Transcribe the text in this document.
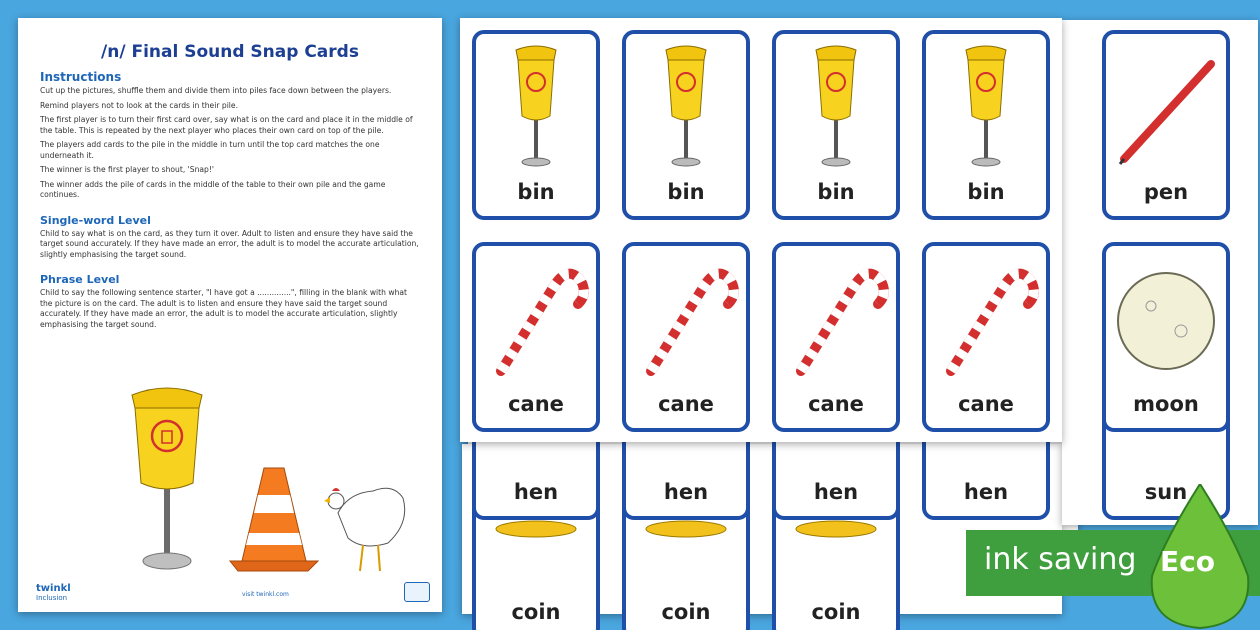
/n/ Final Sound Snap Cards
Instructions

Cut up the pictures, shuffle them and divide them into piles face down between the players.

Remind players not to look at the cards in their pile.

The first player is to turn their first card over, say what is on the card and place it in the middle of the table. This is repeated by the next player who places their own card on top of the pile.

The players add cards to the pile in the middle in turn until the top card matches the one underneath it.

The winner is the first player to shout, 'Snap!'

The winner adds the pile of cards in the middle of the table to their own pile and the game continues.

Single-word Level

Child to say what is on the card, as they turn it over. Adult to listen and ensure they have said the target sound accurately. If they have made an error, the adult is to model the accurate articulation, slightly emphasising the target sound.

Phrase Level

Child to say the following sentence starter, "I have got a ..............", filling in the blank with what the picture is on the card. The adult is to listen and ensure they have said the target sound accurately. If they have made an error, the adult is to model the accurate articulation, slightly emphasising the target sound.

twinkl
Inclusion	visit twinkl.com
coin	coin	coin
hen	hen	hen	hen	sun
pen
moon
bin	bin	bin	bin
cane	cane	cane	cane
ink saving Eco
